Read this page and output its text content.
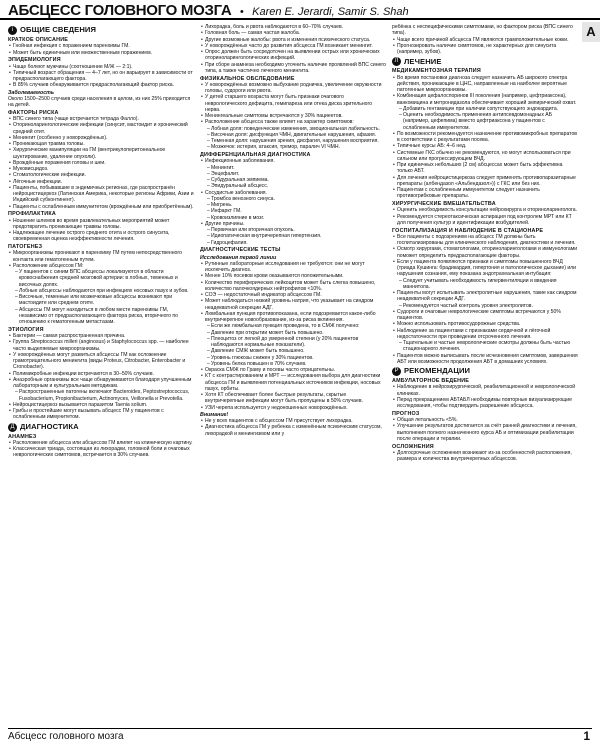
АБСЦЕСС ГОЛОВНОГО МОЗГА • Karen E. Jerardi, Samir S. Shah
A
i ОБЩИЕ СВЕДЕНИЯ
КРАТКОЕ ОПИСАНИЕ
• Гнойная инфекция с поражением паренхимы ГМ.
• Может быть единичным или множественным поражением.
ЭПИДЕМИОЛОГИЯ
• Чаще болеют мужчины (соотношение М/Ж — 2:1).
• Типичный возраст обращения — 4–7 лет, но он варьирует в зависимости от предрасполагающего фактора.
• В 85% случаев обнаруживается предрасполагающий фактор риска.
Заболеваемость
Около 1500–2500 случаев среди населения в целом, из них 25% приходится на детей.
ФАКТОРЫ РИСКА
• ВПС синего типа (чаще встречается тетрада Фалло).
• Оториноларингологические инфекции (синусит, мастоидит и хронический средний отит.
• Менингит (особенно у новорождённых).
• Проникающая травма головы.
• Хирургические манипуляции на ГМ (вентрикулоперитонеальное шунтирование, удаление опухоли).
• Врождённые поражения головы и шеи.
• Муковисцидоз.
• Стоматологические инфекции.
• Лёгочные инфекции.
• Пациенты, побывавшие в эндемичных регионах, где распространён нейроцистицеркоз (Латинская Америка, некоторые регионы Африки, Азии и Индийский субконтинент).
• Пациенты с ослабленным иммунитетом (врождённым или приобретённым).
ПРОФИЛАКТИКА
• Ношение шлемов во время развлекательных мероприятий может предотвратить проникающие травмы головы.
• Надлежащее лечение острого среднего отита и острого синусита, своевременная оценка неэффективности лечения.
ПАТОГЕНЕЗ
• Микроорганизмы проникают в паренхиму ГМ путем непосредственного контакта или гематогенным путем.
• Расположение абсцессов ГМ:
– У пациентов с синим ВПС абсцессы локализуются в области кровоснабжения средней мозговой артерии: в лобных, теменных и височных долях.
– Лобные абсцессы наблюдаются при инфекциях носовых пазух и зубов.
– Височные, теменные или мозжечковые абсцессы возникают при мастоидите или среднем отите.
– Абсцессы ГМ могут находиться в любом месте паренхимы ГМ, независимо от предрасполагающего фактора риска, вторичного по отношению к гематогенным метастазам.
ЭТИОЛОГИЯ
• Бактерии — самая распространенная причина.
• Группа Streptococcus milleri (anginosus) и Staphylococcus spp. — наиболее часто выделяемые микроорганизмы.
• У новорождённых могут развиться абсцессы ГМ как осложнение грамотрицательного менингита (виды Proteus, Citrobacter, Enterobacter и Cronobacter).
• Полимикробные инфекции встречаются в 30–50% случаев.
• Анаэробные организмы все чаще обнаруживаются благодаря улучшенным лабораторным и культуральным методикам.
– Распространенные патогены включают Bacteroides, Peptostreptococcus, Fusobacterium, Propionibacterium, Actinomyces, Veillonella и Prevotella.
• Нейроцистицеркоз вызывается паразитом Taenia solium.
• Грибы и простейшие могут вызывать абсцесс ГМ у пациентов с ослабленным иммунитетом.
Д ДИАГНОСТИКА
АНАМНЕЗ
• Расположение абсцесса или абсцессов ГМ влияет на клиническую картину.
• Классическая триада, состоящая из лихорадки, головной боли и очаговых неврологических симптомов, встречается в 30% случаев.
• Лихорадка, боль и рвота наблюдаются в 60–70% случаев.
• Головная боль — самая частая жалоба.
• Другие возможные жалобы: рвота и изменения психического статуса.
• У новорождённых часто до развития абсцесса ГМ возникает менингит.
• Опрос должен быть сосредоточен на выявлении острых или хронических оториноларингологических инфекций.
• При сборе анамнеза необходимо уточнить наличие проявлений ВПС синего типа, а также частично леченого менингита.
ФИЗИКАЛЬНОЕ ОБСЛЕДОВАНИЕ
• У новорождённых возможно выбухание родничка, увеличение окружности головы, судороги или рвота.
• У детей старшего возраста могут быть признаки очагового неврологического дефицита, гемипареза или отека диска зрительного нерва.
• Менингеальные симптомы встречаются у 30% пациентов.
• Расположение абсцесса также влияет на характер симптомов:
– Лобная доля: поведенческие изменения, эмоциональная лабильность.
– Височная доля: дисфункция ЧМН, двигательные нарушения, афазия.
– Теменная доля: нарушения зрения, дисфагия, нарушения восприятия.
– Мозжечок: истерия, атаксия, тремор, паралич VI ЧМН.
ДИФФЕРЕНЦИАЛЬНАЯ ДИАГНОСТИКА
• Инфекционные заболевания.
– Менингит.
– Энцефалит.
– Субдуральная эмпиема.
– Эпидуральный абсцесс.
• Сосудистые заболевания.
– Тромбоз венозного синуса.
– Мигрень.
– Инфаркт ГМ.
– Кровоизлияние в мозг.
• Другие причины.
– Первичная или вторичная опухоль.
– Идиопатическая внутричерепная гипертензия.
– Гидроцефалия.
ДИАГНОСТИЧЕСКИЕ ТЕСТЫ
Исследования первой линии
• Рутинные лабораторные исследования не требуются: они не могут исключить диагноз.
• Менее 10% посевов крови оказываются положительными.
• Количество периферических лейкоцитов может быть слегка повышено, количество палочкоядерных нейтрофилов <10%.
• СОЭ — недостаточный индикатор абсцессов ГМ.
• Может наблюдаться низкий уровень натрия, что указывает на синдром неадекватной секреции АДГ.
• Люмбальная пункция противопоказана, если подозревается какое-либо внутричерепное новообразование, из-за риска вклинения.
– Если же люмбальная пункция проведена, то в СМЖ получено:
– Давление при открытии может быть повышено.
– Плеоцитоз от легкой до умеренной степени (у 20% пациентов наблюдаются нормальные показатели).
– Давление СМЖ может быть повышено.
– Уровень глюкозы снижен у 30% пациентов.
– Уровень белка повышен в 70% случаев.
• Окраска СМЖ по Граму и посевы часто отрицательны.
• КТ с контрастированием и МРТ — исследования выбора для диагностики абсцесса ГМ и выявления потенциальных источников инфекции, носовых пазух, орбиты.
• Хотя КТ обеспечивает более быстрые результаты, скрытые внутричерепные инфекции могут быть пропущены в 50% случаев.
• УЗИ черепа используется у недоношенных новорождённых.
Внимание!
• Не у всех пациентов с абсцессом ГМ присутствует лихорадка.
• Диагностика абсцесса ГМ у ребенка с изменённым психическим статусом, лихорадкой и менингизмом или у
ребёнка с неспецифическими симптомами, но фактором риска (ВПС синего типа).
• Чаще всего причиной абсцесса ГМ являются грамположительные кокки.
• Прогнозировать наличие симптомов, не характерных для синусита (например, зубов).
Л ЛЕЧЕНИЕ
МЕДИКАМЕНТОЗНАЯ ТЕРАПИЯ
• Во время постановки диагноза следует назначить АБ широкого спектра действия, проникающие в ЦНС, направленные на наиболее вероятные патогенные микроорганизмы.
• Комбинация цефалоспоринов III поколения (например, цефтриаксона), ванкомицина и метронидазола обеспечивает хороший эмпирический охват.
– Добавить гентамицин при наличии сопутствующего эндокардита.
– Оценить необходимость применения антипсевдомонадных АБ (например, цефепима) вместо цефтриаксона у пациентов с ослабленным иммунитетом.
• По возможности рекомендуется назначение противомикробных препаратов в соответствии с результатами посева.
• Типичные курсы АБ: 4–6 нед.
• Системные ГКС обычно не рекомендуются, но могут использоваться при сильном или прогрессирующем ВЧД.
• При единичных небольших (2 см) абсцессах может быть эффективна только АБТ.
• Для лечения нейроцистицеркоза следует применять противопаразитарные препараты (албендазол «Альбендазол»)) с ГКС или без них.
• Пациентам с ослабленным иммунитетом следует назначить противогрибковые препараты.
ХИРУРГИЧЕСКИЕ ВМЕШАТЕЛЬСТВА
• Оценить необходимость консультации нейрохирурга и оториноларинголога.
• Рекомендуется стереотаксическая аспирация под контролем МРТ или КТ для получения культур и идентификации возбудителей.
ГОСПИТАЛИЗАЦИЯ И НАБЛЮДЕНИЕ В СТАЦИОНАРЕ
• Все пациенты с подозрением на абсцесс ГМ должны быть госпитализированы для клинического наблюдения, диагностики и лечения.
• Осмотр хирургами, стоматологами, оториноларингологами и иммунологами поможет определить предрасполагающие факторы.
• Если у пациента появляются признаки и симптомы повышенного ВЧД (триада Кушинга: брадикардия, гипертония и патологическое дыхание) или нарушения сознания, ему показана эндотрахеальная интубация:
– Следует учитывать необходимость гипервентиляции и введения маннитола.
• Пациенты могут испытывать электролитные нарушения, такие как синдром неадекватной секреции АДГ.
– Рекомендуется частый контроль уровня электролитов.
• Судороги и очаговые неврологические симптомы встречаются у 50% пациентов.
• Можно использовать противосудорожные средства.
• Наблюдение за пациентами с признаками сердечной и лёгочной недостаточности при проведении отсроченного лечения.
– Тщательные и частые неврологические осмотры должны быть частью стационарного лечения.
• Пациентов можно выписывать после исчезновения симптомов, завершения АБТ или возможности продолжения АБТ в домашних условиях.
Р РЕКОМЕНДАЦИИ
АМБУЛАТОРНОЕ ВЕДЕНИЕ
• Наблюдение в нейрохирургической, реабилитационной и неврологической клиниках.
• Перед прекращением АБТАБЛ необходимы повторные визуализирующие исследования, чтобы подтвердить разрешение абсцесса.
ПРОГНОЗ
• Общая летальность <5%.
• Улучшение результатов достигается за счёт ранней диагностики и лечения, выполнения полного назначенного курса АБ и оптимизации реабилитации после операции и терапии.
ОСЛОЖНЕНИЯ
• Долгосрочные осложнения возникают из-за особенностей расположения, размера и количества внутричерепных абсцессов.
Абсцесс головного мозга	1
